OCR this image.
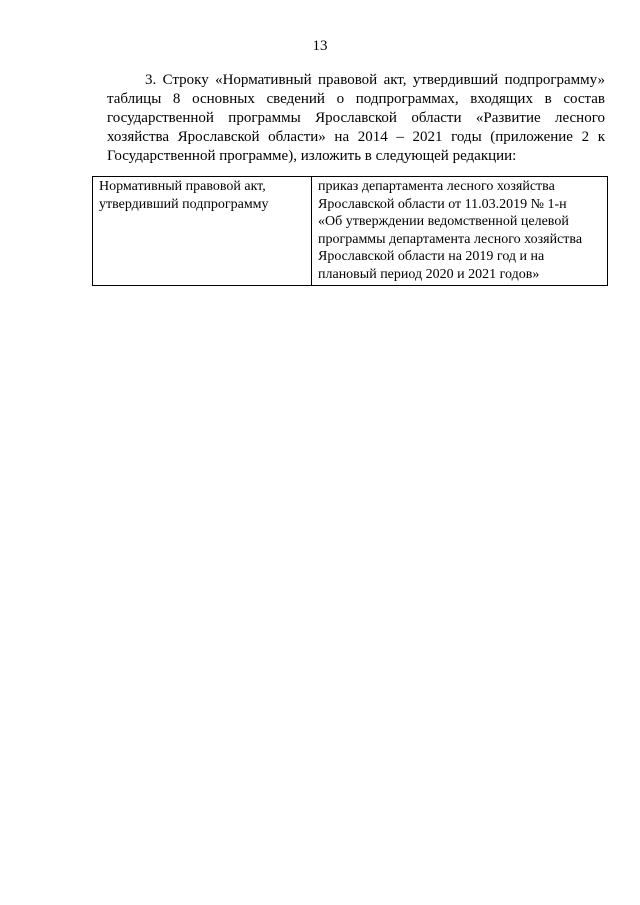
13

3. Строку «Нормативный правовой акт, утвердивший подпрограмму» таблицы 8 основных сведений о подпрограммах, входящих в состав государственной программы Ярославской области «Развитие лесного хозяйства Ярославской области» на 2014 – 2021 годы (приложение 2 к Государственной программе), изложить в следующей редакции:

Нормативный правовой акт,
утвердивший подпрограмму

приказ департамента лесного хозяйства
Ярославской области от 11.03.2019 № 1-н
«Об утверждении ведомственной целевой
программы департамента лесного хозяйства
Ярославской области на 2019 год и на
плановый период 2020 и 2021 годов»
